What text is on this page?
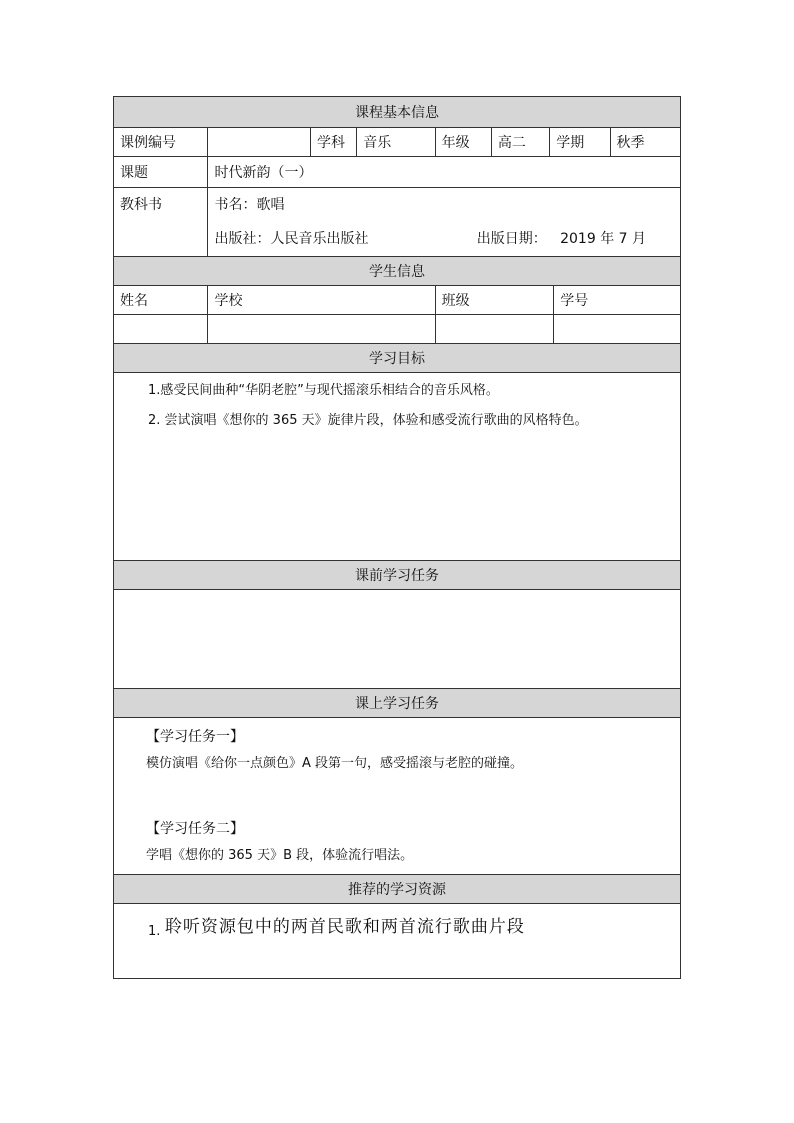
课程基本信息								
课例编号		学科	音乐	年级	高二	学期		秋季
课题	时代新韵（一）							
教科书	书名：歌唱
出版社：人民音乐出版社 出版日期： 2019 年 7 月							

学生信息								
姓名	学校			班级			学号	

学习目标								

1.感受民间曲种“华阴老腔”与现代摇滚乐相结合的音乐风格。
2. 尝试演唱《想你的 365 天》旋律片段，体验和感受流行歌曲的风格特色。								

课前学习任务								

课上学习任务								

【学习任务一】
模仿演唱《给你一点颜色》A 段第一句，感受摇滚与老腔的碰撞。
【学习任务二】
学唱《想你的 365 天》B 段，体验流行唱法。								

推荐的学习资源								
1. 聆听资源包中的两首民歌和两首流行歌曲片段								
